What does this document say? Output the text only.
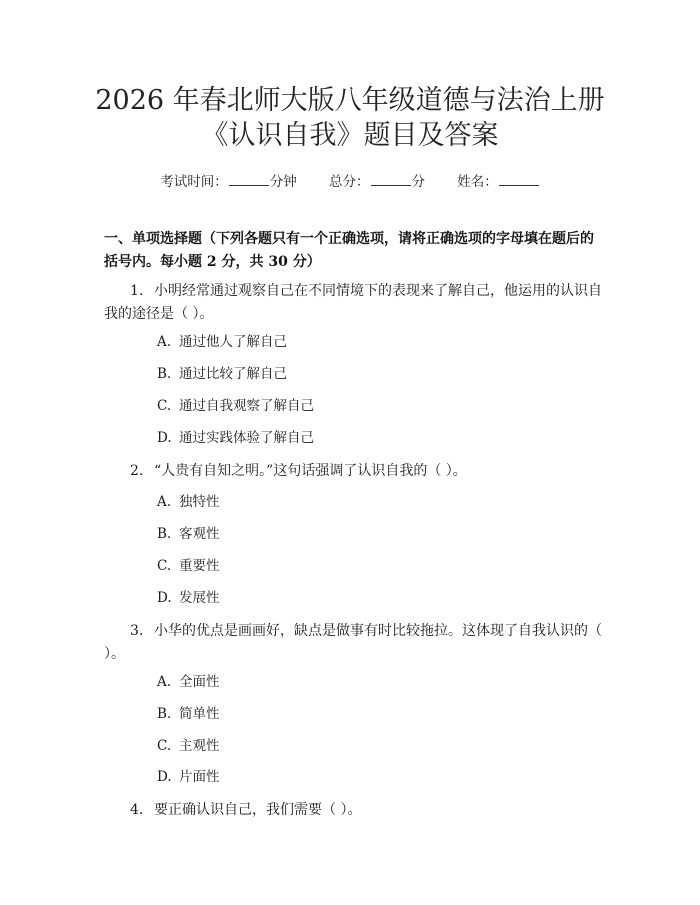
2026 年春北师大版八年级道德与法治上册
《认识自我》题目及答案
考试时间：	分钟 总分：	分 姓名：
一、单项选择题（下列各题只有一个正确选项，请将正确选项的字母填在题后的括号内。每小题 2 分，共 30 分）
1. 小明经常通过观察自己在不同情境下的表现来了解自己，他运用的认识自我的途径是（ ）。
A. 通过他人了解自己
B. 通过比较了解自己
C. 通过自我观察了解自己
D. 通过实践体验了解自己
2. “人贵有自知之明。”这句话强调了认识自我的（ ）。
A. 独特性
B. 客观性
C. 重要性
D. 发展性
3. 小华的优点是画画好，缺点是做事有时比较拖拉。这体现了自我认识的（ ）。
A. 全面性
B. 简单性
C. 主观性
D. 片面性
4. 要正确认识自己，我们需要（ ）。
